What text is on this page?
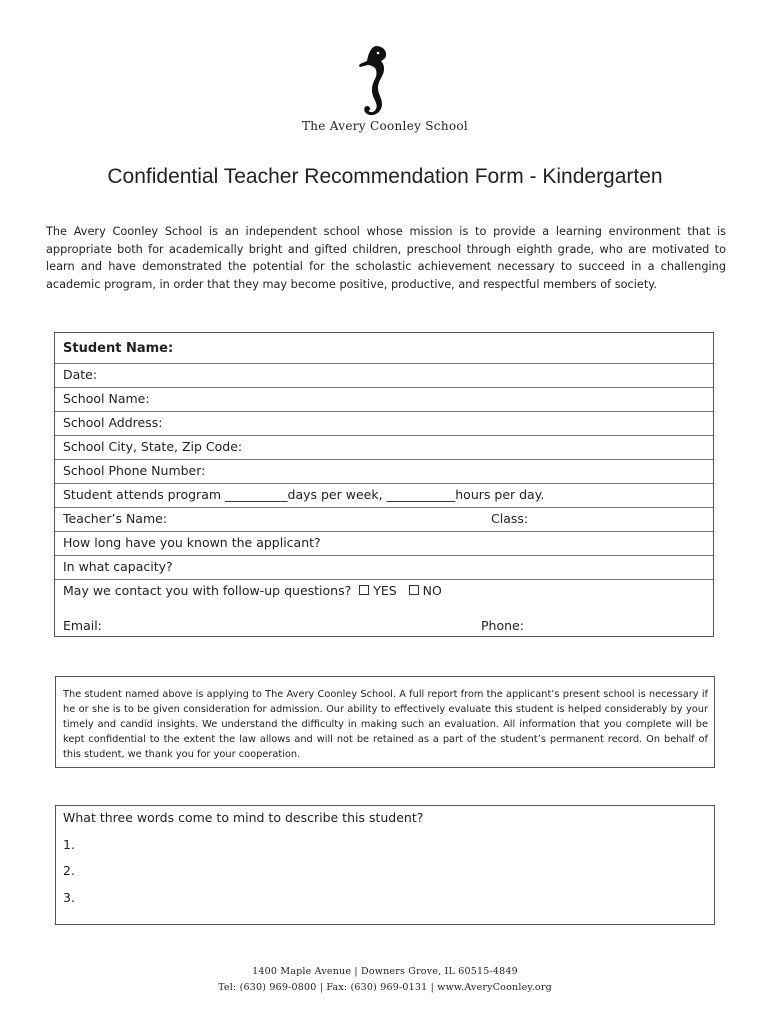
The Avery Coonley School
Confidential Teacher Recommendation Form - Kindergarten
The Avery Coonley School is an independent school whose mission is to provide a learning environment that is appropriate both for academically bright and gifted children, preschool through eighth grade, who are motivated to learn and have demonstrated the potential for the scholastic achievement necessary to succeed in a challenging academic program, in order that they may become positive, productive, and respectful members of society.
Student Name:
Date:
School Name:
School Address:
School City, State, Zip Code:
School Phone Number:
Student attends program __________days per week, ___________hours per day.
Teacher’s Name:	Class:
How long have you known the applicant?
In what capacity?
May we contact you with follow-up questions? YES NO
Email:	Phone:
The student named above is applying to The Avery Coonley School. A full report from the applicant’s present school is necessary if he or she is to be given consideration for admission. Our ability to effectively evaluate this student is helped considerably by your timely and candid insights. We understand the difficulty in making such an evaluation. All information that you complete will be kept confidential to the extent the law allows and will not be retained as a part of the student’s permanent record. On behalf of this student, we thank you for your cooperation.
What three words come to mind to describe this student?
1.
2.
3.
1400 Maple Avenue | Downers Grove, IL 60515-4849
Tel: (630) 969-0800 | Fax: (630) 969-0131 | www.AveryCoonley.org
